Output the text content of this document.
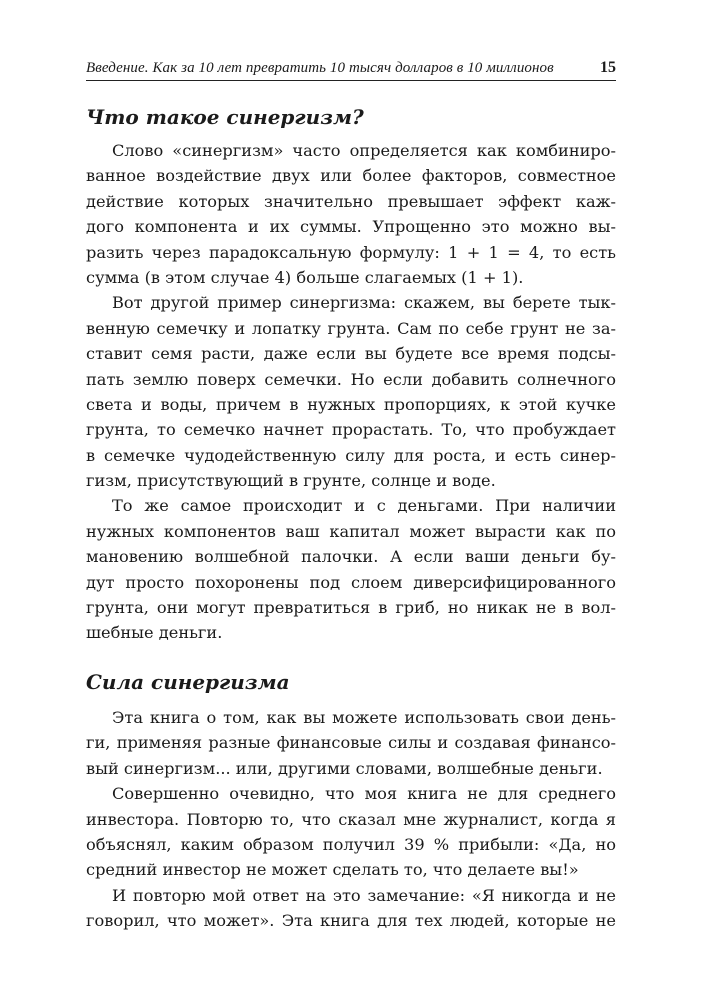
Введение. Как за 10 лет превратить 10 тысяч долларов в 10 миллионов	15
Что такое синергизм?
Слово «синергизм» часто определяется как комбиниро-
ванное воздействие двух или более факторов, совместное
действие которых значительно превышает эффект каж-
дого компонента и их суммы. Упрощенно это можно вы-
разить через парадоксальную формулу: 1 + 1 = 4, то есть
сумма (в этом случае 4) больше слагаемых (1 + 1).
Вот другой пример синергизма: скажем, вы берете тык-
венную семечку и лопатку грунта. Сам по себе грунт не за-
ставит семя расти, даже если вы будете все время подсы-
пать землю поверх семечки. Но если добавить солнечного
света и воды, причем в нужных пропорциях, к этой кучке
грунта, то семечко начнет прорастать. То, что пробуждает
в семечке чудодейственную силу для роста, и есть синер-
гизм, присутствующий в грунте, солнце и воде.
То же самое происходит и с деньгами. При наличии
нужных компонентов ваш капитал может вырасти как по
мановению волшебной палочки. А если ваши деньги бу-
дут просто похоронены под слоем диверсифицированного
грунта, они могут превратиться в гриб, но никак не в вол-
шебные деньги.
Сила синергизма
Эта книга о том, как вы можете использовать свои день-
ги, применяя разные финансовые силы и создавая финансо-
вый синергизм... или, другими словами, волшебные деньги.
Совершенно очевидно, что моя книга не для среднего
инвестора. Повторю то, что сказал мне журналист, когда я
объяснял, каким образом получил 39 % прибыли: «Да, но
средний инвестор не может сделать то, что делаете вы!»
И повторю мой ответ на это замечание: «Я никогда и не
говорил, что может». Эта книга для тех людей, которые не
